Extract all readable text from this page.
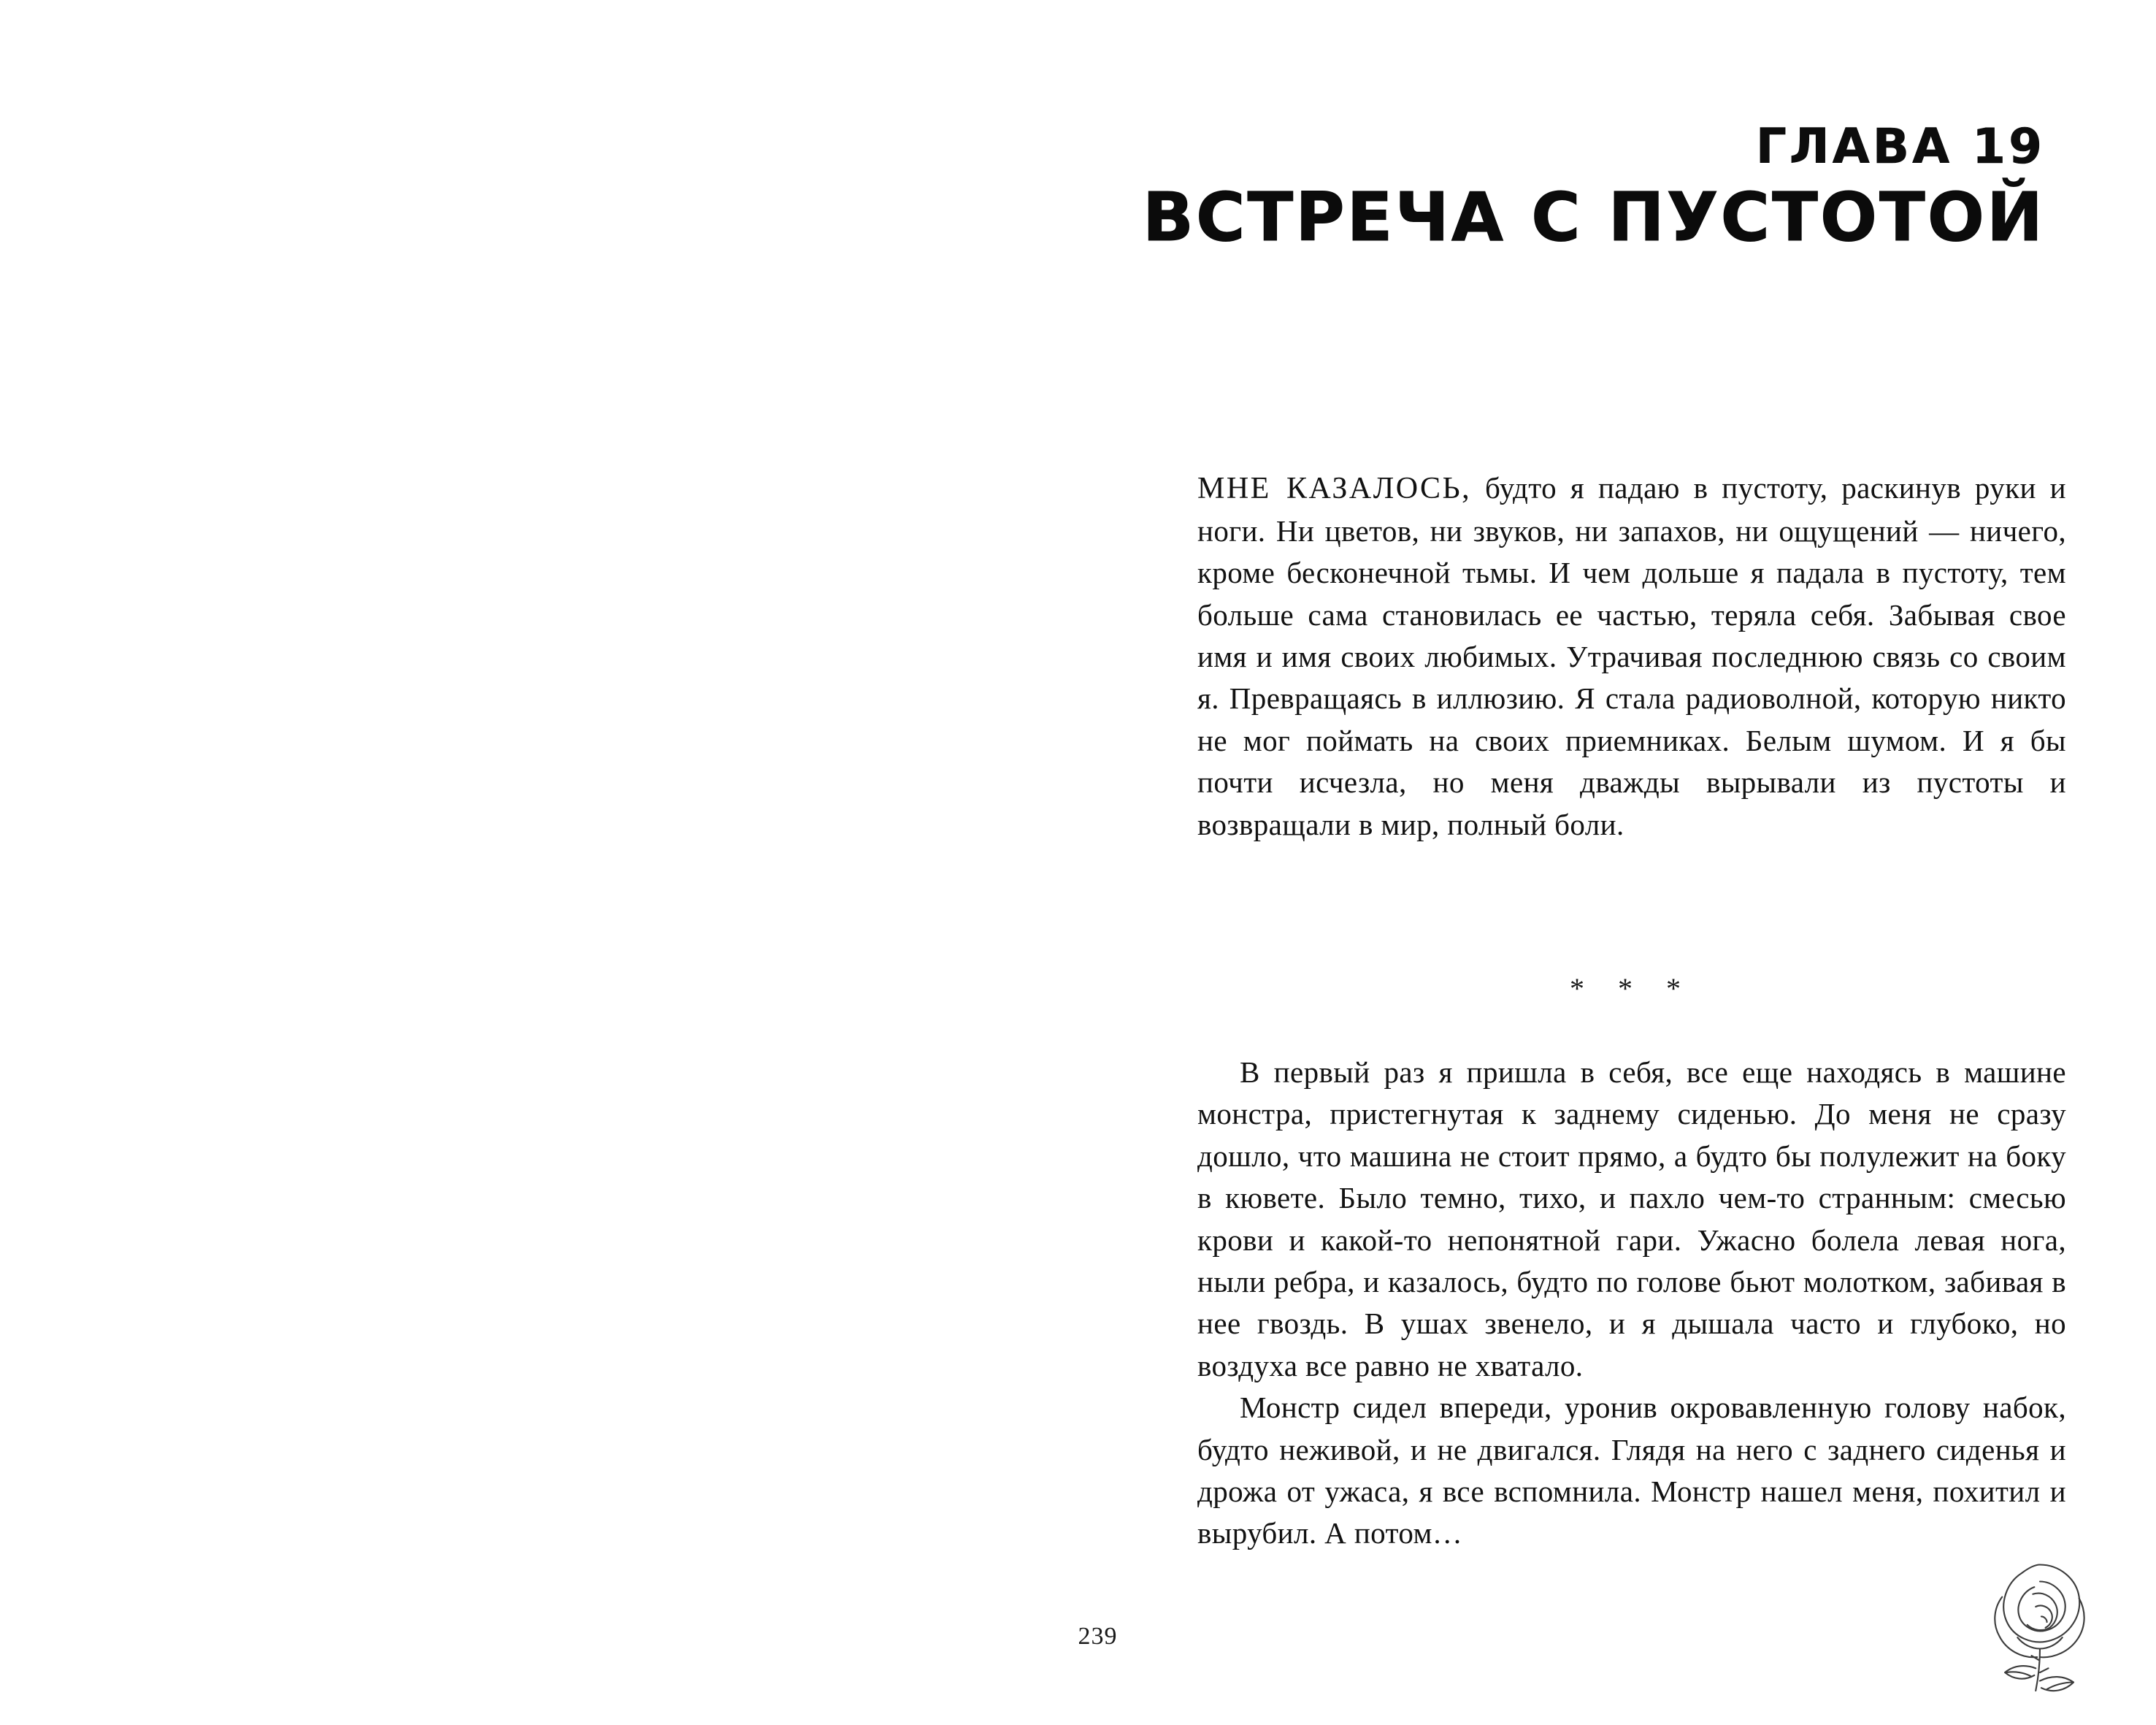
ГЛАВА 19
ВСТРЕЧА С ПУСТОТОЙ

МНЕ КАЗАЛОСЬ, будто я падаю в пустоту, раскинув руки и ноги. Ни цветов, ни звуков, ни запахов, ни ощущений — ничего, кроме бесконечной тьмы. И чем дольше я падала в пустоту, тем больше сама становилась ее частью, теряла себя. Забывая свое имя и имя своих любимых. Утрачивая последнюю связь со своим я. Превращаясь в иллюзию. Я стала радиоволной, которую никто не мог поймать на своих приемниках. Белым шумом. И я бы почти исчезла, но меня дважды вырывали из пустоты и возвращали в мир, полный боли.

* * *

В первый раз я пришла в себя, все еще находясь в машине монстра, пристегнутая к заднему сиденью. До меня не сразу дошло, что машина не стоит прямо, а будто бы полулежит на боку в кювете. Было темно, тихо, и пахло чем-то странным: смесью крови и какой-то непонятной гари. Ужасно болела левая нога, ныли ребра, и казалось, будто по голове бьют молотком, забивая в нее гвоздь. В ушах звенело, и я дышала часто и глубоко, но воздуха все равно не хватало.

Монстр сидел впереди, уронив окровавленную голову набок, будто неживой, и не двигался. Глядя на него с заднего сиденья и дрожа от ужаса, я все вспомнила. Монстр нашел меня, похитил и вырубил. А потом…

239
